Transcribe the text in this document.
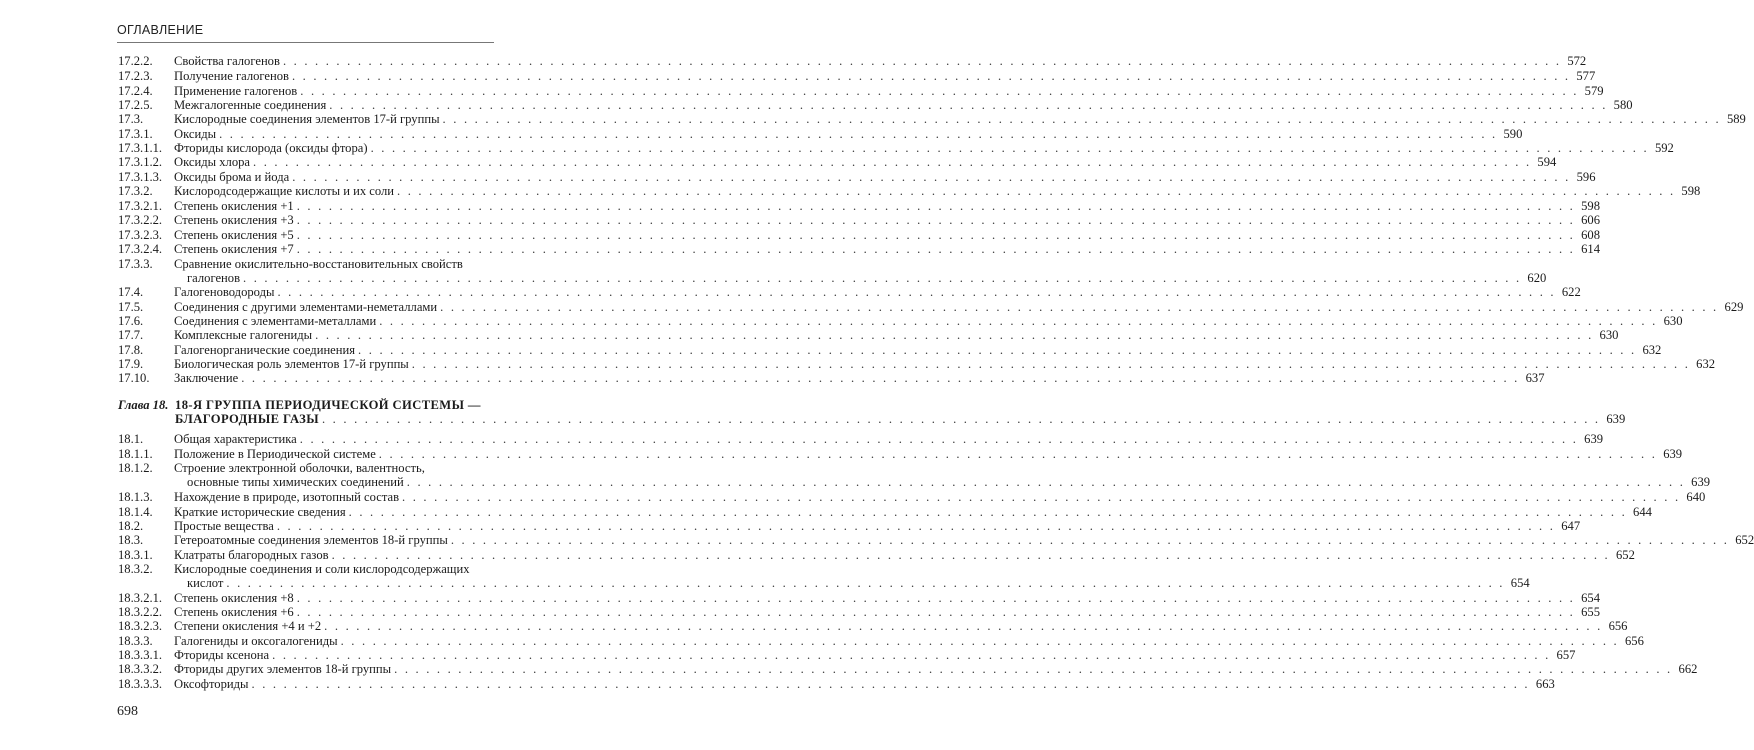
ОГЛАВЛЕНИЕ
17.2.2. Свойства галогенов . . . . . . . . . . . . . . . . . . . . . . . . . . . . . . . . . . . . . . . . . . . . . . . . . . . . . . . . . . . . . . . . . . . . . . . . . . . . . . . . . . . . . . . . . . . . . . . . . . . . . . . . . . . . . . . . . . . . . . . . 572
17.2.3. Получение галогенов . . . . . . . . . . . . . . . . . . . . . . . . . . . . . . . . . . . . . . . . . . . . . . . . . . . . . . . . . . . . . . . . . . . . . . . . . . . . . . . . . . . . . . . . . . . . . . . . . . . . . . . . . . . . . . . . . . . . . . . . 577
17.2.4. Применение галогенов . . . . . . . . . . . . . . . . . . . . . . . . . . . . . . . . . . . . . . . . . . . . . . . . . . . . . . . . . . . . . . . . . . . . . . . . . . . . . . . . . . . . . . . . . . . . . . . . . . . . . . . . . . . . . . . . . . . . . . . . 579
17.2.5. Межгалогенные соединения . . . . . . . . . . . . . . . . . . . . . . . . . . . . . . . . . . . . . . . . . . . . . . . . . . . . . . . . . . . . . . . . . . . . . . . . . . . . . . . . . . . . . . . . . . . . . . . . . . . . . . . . . . . . . . . . . . . . . . . . 580
17.3. Кислородные соединения элементов 17-й группы . . . . . . . . . . . . . . . . . . . . . . . . . . . . . . . . . . . . . . . . . . . . . . . . . . . . . . . . . . . . . . . . . . . . . . . . . . . . . . . . . . . . . . . . . . . . . . . . . . . . . . . . . . . . . . . . . . . . . . . . 589
17.3.1. Оксиды . . . . . . . . . . . . . . . . . . . . . . . . . . . . . . . . . . . . . . . . . . . . . . . . . . . . . . . . . . . . . . . . . . . . . . . . . . . . . . . . . . . . . . . . . . . . . . . . . . . . . . . . . . . . . . . . . . . . . . . . 590
17.3.1.1. Фториды кислорода (оксиды фтора) . . . . . . . . . . . . . . . . . . . . . . . . . . . . . . . . . . . . . . . . . . . . . . . . . . . . . . . . . . . . . . . . . . . . . . . . . . . . . . . . . . . . . . . . . . . . . . . . . . . . . . . . . . . . . . . . . . . . . . . . 592
17.3.1.2. Оксиды хлора . . . . . . . . . . . . . . . . . . . . . . . . . . . . . . . . . . . . . . . . . . . . . . . . . . . . . . . . . . . . . . . . . . . . . . . . . . . . . . . . . . . . . . . . . . . . . . . . . . . . . . . . . . . . . . . . . . . . . . . . 594
17.3.1.3. Оксиды брома и йода . . . . . . . . . . . . . . . . . . . . . . . . . . . . . . . . . . . . . . . . . . . . . . . . . . . . . . . . . . . . . . . . . . . . . . . . . . . . . . . . . . . . . . . . . . . . . . . . . . . . . . . . . . . . . . . . . . . . . . . . 596
17.3.2. Кислородсодержащие кислоты и их соли . . . . . . . . . . . . . . . . . . . . . . . . . . . . . . . . . . . . . . . . . . . . . . . . . . . . . . . . . . . . . . . . . . . . . . . . . . . . . . . . . . . . . . . . . . . . . . . . . . . . . . . . . . . . . . . . . . . . . . . . 598
17.3.2.1. Степень окисления +1 . . . . . . . . . . . . . . . . . . . . . . . . . . . . . . . . . . . . . . . . . . . . . . . . . . . . . . . . . . . . . . . . . . . . . . . . . . . . . . . . . . . . . . . . . . . . . . . . . . . . . . . . . . . . . . . . . . . . . . . . 598
17.3.2.2. Степень окисления +3 . . . . . . . . . . . . . . . . . . . . . . . . . . . . . . . . . . . . . . . . . . . . . . . . . . . . . . . . . . . . . . . . . . . . . . . . . . . . . . . . . . . . . . . . . . . . . . . . . . . . . . . . . . . . . . . . . . . . . . . . 606
17.3.2.3. Степень окисления +5 . . . . . . . . . . . . . . . . . . . . . . . . . . . . . . . . . . . . . . . . . . . . . . . . . . . . . . . . . . . . . . . . . . . . . . . . . . . . . . . . . . . . . . . . . . . . . . . . . . . . . . . . . . . . . . . . . . . . . . . . 608
17.3.2.4. Степень окисления +7 . . . . . . . . . . . . . . . . . . . . . . . . . . . . . . . . . . . . . . . . . . . . . . . . . . . . . . . . . . . . . . . . . . . . . . . . . . . . . . . . . . . . . . . . . . . . . . . . . . . . . . . . . . . . . . . . . . . . . . . . 614
17.3.3. Сравнение окислительно-восстановительных свойств
галогенов . . . . . . . . . . . . . . . . . . . . . . . . . . . . . . . . . . . . . . . . . . . . . . . . . . . . . . . . . . . . . . . . . . . . . . . . . . . . . . . . . . . . . . . . . . . . . . . . . . . . . . . . . . . . . . . . . . . . . . . . 620
17.4. Галогеноводороды . . . . . . . . . . . . . . . . . . . . . . . . . . . . . . . . . . . . . . . . . . . . . . . . . . . . . . . . . . . . . . . . . . . . . . . . . . . . . . . . . . . . . . . . . . . . . . . . . . . . . . . . . . . . . . . . . . . . . . . . 622
17.5. Соединения с другими элементами-неметаллами . . . . . . . . . . . . . . . . . . . . . . . . . . . . . . . . . . . . . . . . . . . . . . . . . . . . . . . . . . . . . . . . . . . . . . . . . . . . . . . . . . . . . . . . . . . . . . . . . . . . . . . . . . . . . . . . . . . . . . . . 629
17.6. Соединения с элементами-металлами . . . . . . . . . . . . . . . . . . . . . . . . . . . . . . . . . . . . . . . . . . . . . . . . . . . . . . . . . . . . . . . . . . . . . . . . . . . . . . . . . . . . . . . . . . . . . . . . . . . . . . . . . . . . . . . . . . . . . . . . 630
17.7. Комплексные галогениды . . . . . . . . . . . . . . . . . . . . . . . . . . . . . . . . . . . . . . . . . . . . . . . . . . . . . . . . . . . . . . . . . . . . . . . . . . . . . . . . . . . . . . . . . . . . . . . . . . . . . . . . . . . . . . . . . . . . . . . . 630
17.8. Галогенорганические соединения . . . . . . . . . . . . . . . . . . . . . . . . . . . . . . . . . . . . . . . . . . . . . . . . . . . . . . . . . . . . . . . . . . . . . . . . . . . . . . . . . . . . . . . . . . . . . . . . . . . . . . . . . . . . . . . . . . . . . . . . 632
17.9. Биологическая роль элементов 17-й группы . . . . . . . . . . . . . . . . . . . . . . . . . . . . . . . . . . . . . . . . . . . . . . . . . . . . . . . . . . . . . . . . . . . . . . . . . . . . . . . . . . . . . . . . . . . . . . . . . . . . . . . . . . . . . . . . . . . . . . . . 632
17.10. Заключение . . . . . . . . . . . . . . . . . . . . . . . . . . . . . . . . . . . . . . . . . . . . . . . . . . . . . . . . . . . . . . . . . . . . . . . . . . . . . . . . . . . . . . . . . . . . . . . . . . . . . . . . . . . . . . . . . . . . . . . . 637
Глава 18. 18-Я ГРУППА ПЕРИОДИЧЕСКОЙ СИСТЕМЫ —
БЛАГОРОДНЫЕ ГАЗЫ . . . . . . . . . . . . . . . . . . . . . . . . . . . . . . . . . . . . . . . . . . . . . . . . . . . . . . . . . . . . . . . . . . . . . . . . . . . . . . . . . . . . . . . . . . . . . . . . . . . . . . . . . . . . . . . . . . . . . . . . 639
18.1. Общая характеристика . . . . . . . . . . . . . . . . . . . . . . . . . . . . . . . . . . . . . . . . . . . . . . . . . . . . . . . . . . . . . . . . . . . . . . . . . . . . . . . . . . . . . . . . . . . . . . . . . . . . . . . . . . . . . . . . . . . . . . . . 639
18.1.1. Положение в Периодической системе . . . . . . . . . . . . . . . . . . . . . . . . . . . . . . . . . . . . . . . . . . . . . . . . . . . . . . . . . . . . . . . . . . . . . . . . . . . . . . . . . . . . . . . . . . . . . . . . . . . . . . . . . . . . . . . . . . . . . . . . 639
18.1.2. Строение электронной оболочки, валентность,
основные типы химических соединений . . . . . . . . . . . . . . . . . . . . . . . . . . . . . . . . . . . . . . . . . . . . . . . . . . . . . . . . . . . . . . . . . . . . . . . . . . . . . . . . . . . . . . . . . . . . . . . . . . . . . . . . . . . . . . . . . . . . . . . . 639
18.1.3. Нахождение в природе, изотопный состав . . . . . . . . . . . . . . . . . . . . . . . . . . . . . . . . . . . . . . . . . . . . . . . . . . . . . . . . . . . . . . . . . . . . . . . . . . . . . . . . . . . . . . . . . . . . . . . . . . . . . . . . . . . . . . . . . . . . . . . . 640
18.1.4. Краткие исторические сведения . . . . . . . . . . . . . . . . . . . . . . . . . . . . . . . . . . . . . . . . . . . . . . . . . . . . . . . . . . . . . . . . . . . . . . . . . . . . . . . . . . . . . . . . . . . . . . . . . . . . . . . . . . . . . . . . . . . . . . . . 644
18.2. Простые вещества . . . . . . . . . . . . . . . . . . . . . . . . . . . . . . . . . . . . . . . . . . . . . . . . . . . . . . . . . . . . . . . . . . . . . . . . . . . . . . . . . . . . . . . . . . . . . . . . . . . . . . . . . . . . . . . . . . . . . . . . 647
18.3. Гетероатомные соединения элементов 18-й группы . . . . . . . . . . . . . . . . . . . . . . . . . . . . . . . . . . . . . . . . . . . . . . . . . . . . . . . . . . . . . . . . . . . . . . . . . . . . . . . . . . . . . . . . . . . . . . . . . . . . . . . . . . . . . . . . . . . . . . . . 652
18.3.1. Клатраты благородных газов . . . . . . . . . . . . . . . . . . . . . . . . . . . . . . . . . . . . . . . . . . . . . . . . . . . . . . . . . . . . . . . . . . . . . . . . . . . . . . . . . . . . . . . . . . . . . . . . . . . . . . . . . . . . . . . . . . . . . . . . 652
18.3.2. Кислородные соединения и соли кислородсодержащих
кислот . . . . . . . . . . . . . . . . . . . . . . . . . . . . . . . . . . . . . . . . . . . . . . . . . . . . . . . . . . . . . . . . . . . . . . . . . . . . . . . . . . . . . . . . . . . . . . . . . . . . . . . . . . . . . . . . . . . . . . . . 654
18.3.2.1. Степень окисления +8 . . . . . . . . . . . . . . . . . . . . . . . . . . . . . . . . . . . . . . . . . . . . . . . . . . . . . . . . . . . . . . . . . . . . . . . . . . . . . . . . . . . . . . . . . . . . . . . . . . . . . . . . . . . . . . . . . . . . . . . . 654
18.3.2.2. Степень окисления +6 . . . . . . . . . . . . . . . . . . . . . . . . . . . . . . . . . . . . . . . . . . . . . . . . . . . . . . . . . . . . . . . . . . . . . . . . . . . . . . . . . . . . . . . . . . . . . . . . . . . . . . . . . . . . . . . . . . . . . . . . 655
18.3.2.3. Степени окисления +4 и +2 . . . . . . . . . . . . . . . . . . . . . . . . . . . . . . . . . . . . . . . . . . . . . . . . . . . . . . . . . . . . . . . . . . . . . . . . . . . . . . . . . . . . . . . . . . . . . . . . . . . . . . . . . . . . . . . . . . . . . . . . 656
18.3.3. Галогениды и оксогалогениды . . . . . . . . . . . . . . . . . . . . . . . . . . . . . . . . . . . . . . . . . . . . . . . . . . . . . . . . . . . . . . . . . . . . . . . . . . . . . . . . . . . . . . . . . . . . . . . . . . . . . . . . . . . . . . . . . . . . . . . . 656
18.3.3.1. Фториды ксенона . . . . . . . . . . . . . . . . . . . . . . . . . . . . . . . . . . . . . . . . . . . . . . . . . . . . . . . . . . . . . . . . . . . . . . . . . . . . . . . . . . . . . . . . . . . . . . . . . . . . . . . . . . . . . . . . . . . . . . . . 657
18.3.3.2. Фториды других элементов 18-й группы . . . . . . . . . . . . . . . . . . . . . . . . . . . . . . . . . . . . . . . . . . . . . . . . . . . . . . . . . . . . . . . . . . . . . . . . . . . . . . . . . . . . . . . . . . . . . . . . . . . . . . . . . . . . . . . . . . . . . . . . 662
18.3.3.3. Оксофториды . . . . . . . . . . . . . . . . . . . . . . . . . . . . . . . . . . . . . . . . . . . . . . . . . . . . . . . . . . . . . . . . . . . . . . . . . . . . . . . . . . . . . . . . . . . . . . . . . . . . . . . . . . . . . . . . . . . . . . . . 663
698
